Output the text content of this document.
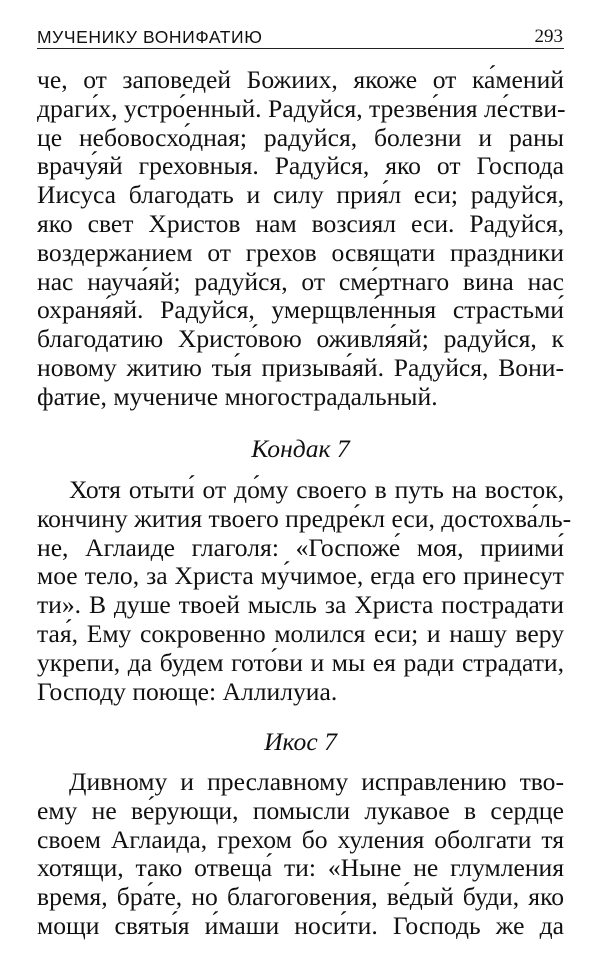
МУЧЕНИКУ ВОНИФАТИЮ	293
че, от заповедей Божиих, якоже от ка́мений
драги́х, устро́енный. Радуйся, трезве́ния ле́стви-
це небовосхо́дная; радуйся, болезни и раны
врачу́яй греховныя. Радуйся, яко от Господа
Иисуса благодать и силу прия́л еси; радуйся,
яко свет Христов нам возсиял еси. Радуйся,
воздержанием от грехов освящати праздники
нас науча́яй; радуйся, от сме́ртнаго вина нас
охраня́яй. Радуйся, умерщвле́нныя страстьми́
благодатию Христо́вою оживля́яй; радуйся, к
новому житию ты́я призыва́яй. Радуйся, Вони-
фатие, мучениче многострадальный.
Кондак 7
Хотя отыти́ от до́му своего в путь на восток,
кончину жития твоего предре́кл еси, достохва́ль-
не, Аглаиде глаголя: «Госпоже́ моя, приими́
мое тело, за Христа му́чимое, егда его принесут
ти». В душе твоей мысль за Христа пострадати
тая́, Ему сокровенно молился еси; и нашу веру
укрепи, да будем гото́ви и мы ея ради страдати,
Господу поюще: Аллилуиа.
Икос 7
Дивному и преславному исправлению тво-
ему не ве́рующи, помысли лукавое в сердце
своем Аглаида, грехом бо хуления оболгати тя
хотящи, тако отвеща́ ти: «Ныне не глумления
время, бра́те, но благоговения, ве́дый буди, яко
мощи святы́я и́маши носи́ти. Господь же да
